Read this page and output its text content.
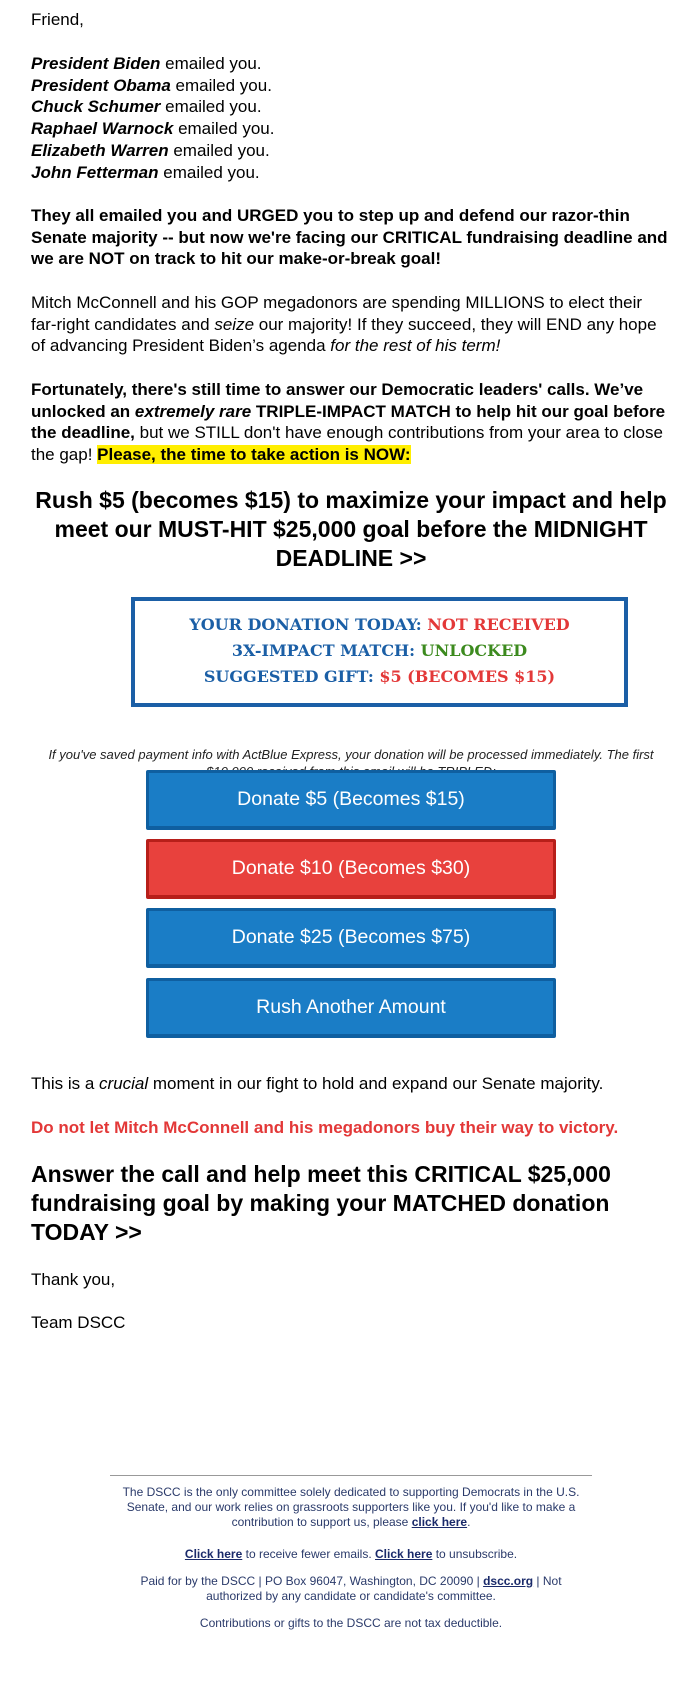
Friend,

President Biden emailed you.
President Obama emailed you.
Chuck Schumer emailed you.
Raphael Warnock emailed you.
Elizabeth Warren emailed you.
John Fetterman emailed you.

They all emailed you and URGED you to step up and defend our razor-thin Senate majority -- but now we're facing our CRITICAL fundraising deadline and we are NOT on track to hit our make-or-break goal!

Mitch McConnell and his GOP megadonors are spending MILLIONS to elect their far-right candidates and seize our majority! If they succeed, they will END any hope of advancing President Biden’s agenda for the rest of his term!

Fortunately, there's still time to answer our Democratic leaders' calls. We’ve unlocked an extremely rare TRIPLE-IMPACT MATCH to help hit our goal before the deadline, but we STILL don't have enough contributions from your area to close the gap! Please, the time to take action is NOW:

Rush $5 (becomes $15) to maximize your impact and help meet our MUST-HIT $25,000 goal before the MIDNIGHT DEADLINE >>

YOUR DONATION TODAY: NOT RECEIVED
3X-IMPACT MATCH: UNLOCKED
SUGGESTED GIFT: $5 (BECOMES $15)

If you've saved payment info with ActBlue Express, your donation will be processed immediately. The first

Donate $5 (Becomes $15)
Donate $10 (Becomes $30)
Donate $25 (Becomes $75)
Rush Another Amount

This is a crucial moment in our fight to hold and expand our Senate majority.

Do not let Mitch McConnell and his megadonors buy their way to victory.

Answer the call and help meet this CRITICAL $25,000 fundraising goal by making your MATCHED donation TODAY >>

Thank you,

Team DSCC

The DSCC is the only committee solely dedicated to supporting Democrats in the U.S. Senate, and our work relies on grassroots supporters like you. If you'd like to make a contribution to support us, please click here.
Click here to receive fewer emails. Click here to unsubscribe.
Paid for by the DSCC | PO Box 96047, Washington, DC 20090 | dscc.org | Not authorized by any candidate or candidate's committee.
Contributions or gifts to the DSCC are not tax deductible.
